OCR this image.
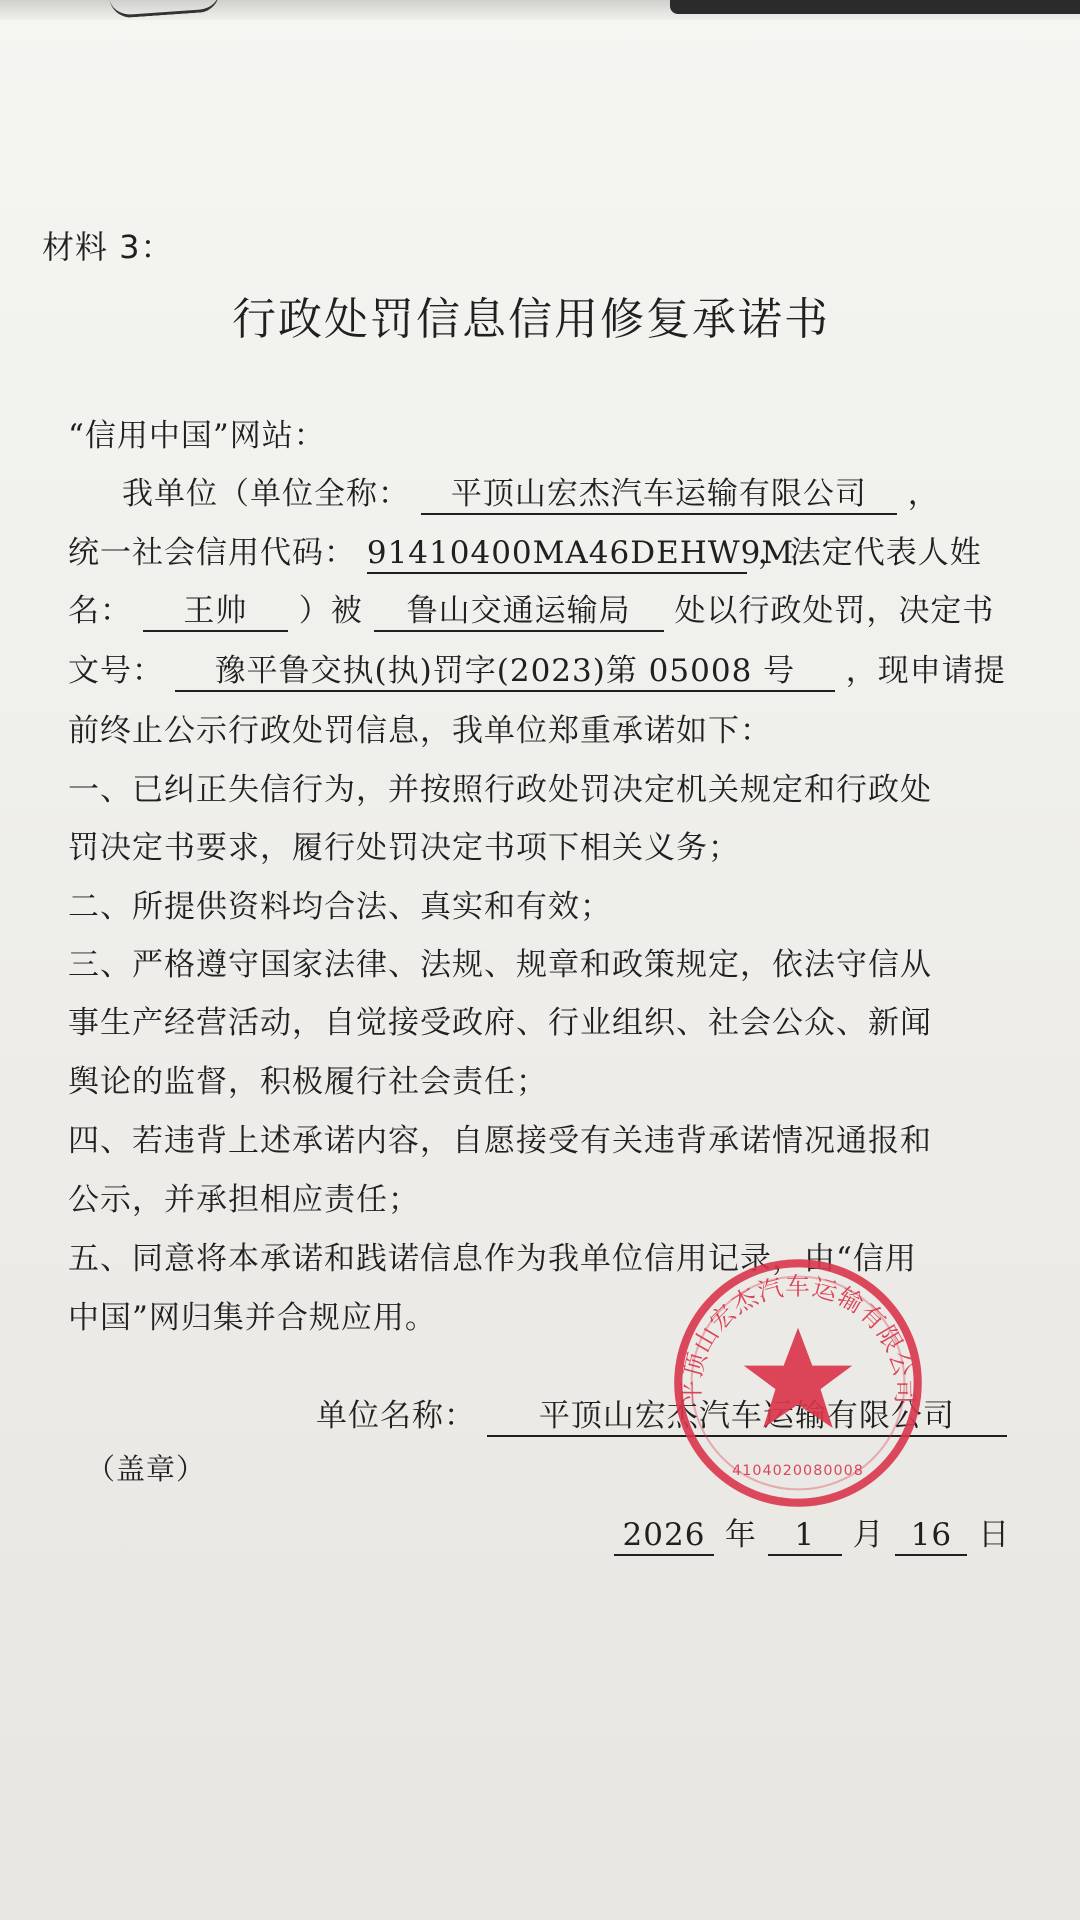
材料 3：
行政处罚信息信用修复承诺书
“信用中国”网站：
我单位（单位全称： 平顶山宏杰汽车运输有限公司 ，
统一社会信用代码： 91410400MA46DEHW9M ，法定代表人姓
名： 王帅 ）被 鲁山交通运输局 处以行政处罚，决定书
文号： 豫平鲁交执(执)罚字(2023)第 05008 号 ，现申请提
前终止公示行政处罚信息，我单位郑重承诺如下：
一、已纠正失信行为，并按照行政处罚决定机关规定和行政处
罚决定书要求，履行处罚决定书项下相关义务；
二、所提供资料均合法、真实和有效；
三、严格遵守国家法律、法规、规章和政策规定，依法守信从
事生产经营活动，自觉接受政府、行业组织、社会公众、新闻
舆论的监督，积极履行社会责任；
四、若违背上述承诺内容，自愿接受有关违背承诺情况通报和
公示，并承担相应责任；
五、同意将本承诺和践诺信息作为我单位信用记录，由“信用
中国”网归集并合规应用。
单位名称： 平顶山宏杰汽车运输有限公司
（盖章）
2026 年 1 月 16 日
平顶山宏杰汽车运输有限公司
4104020080008
